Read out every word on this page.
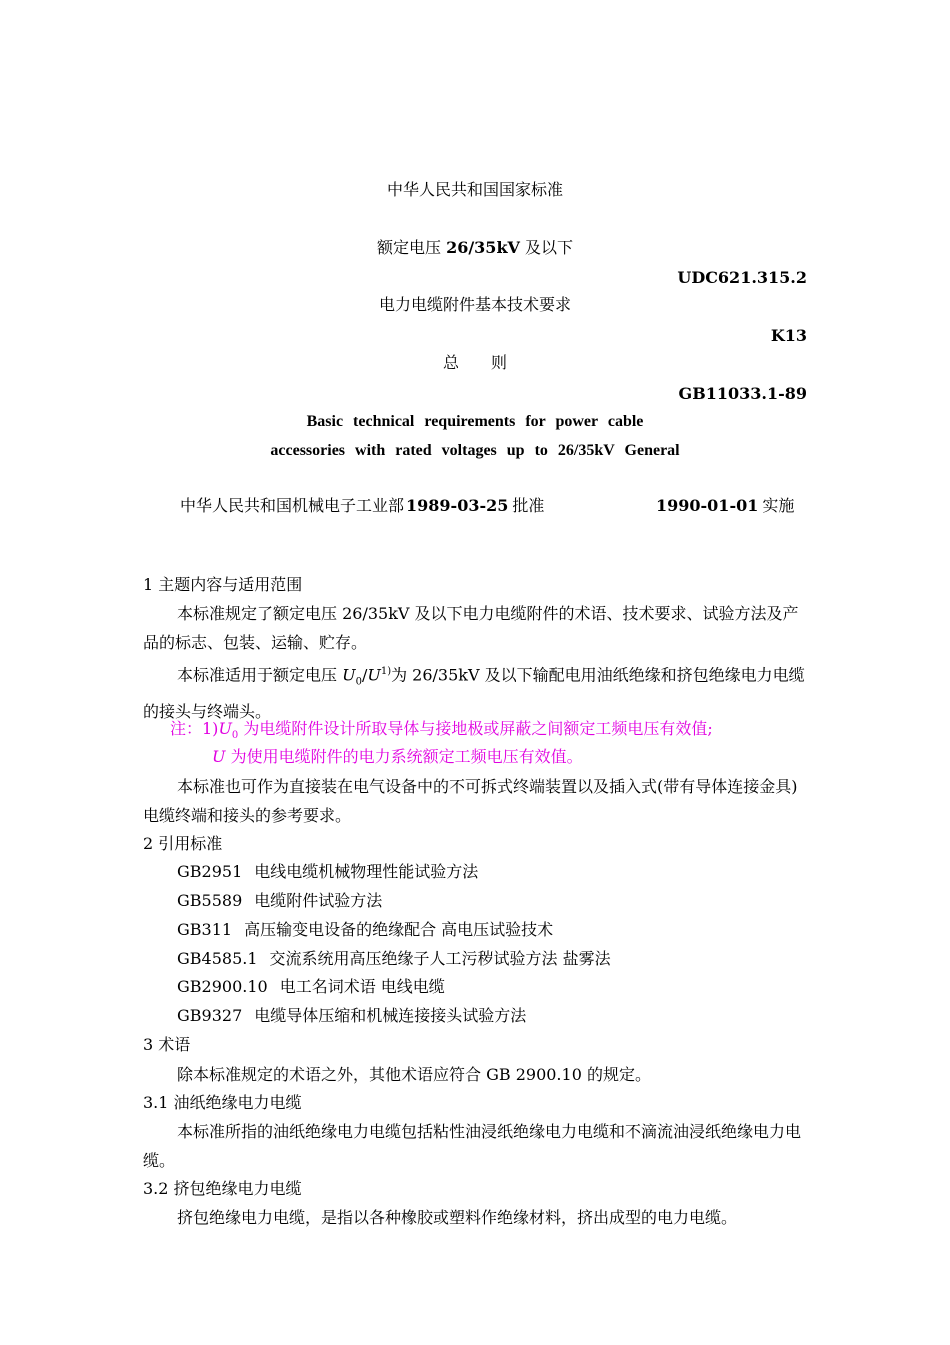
中华人民共和国国家标准
额定电压 26/35kV 及以下
UDC621.315.2
电力电缆附件基本技术要求
K13
总　　则
GB11033.1-89
Basic technical requirements for power cable
accessories with rated voltages up to 26/35kV General
中华人民共和国机械电子工业部 1989-03-25 批准	1990-01-01 实施
1 主题内容与适用范围
本标准规定了额定电压 26/35kV 及以下电力电缆附件的术语、技术要求、试验方法及产品的标志、包装、运输、贮存。
本标准适用于额定电压 $U_0/U^{1)}$为 26/35kV 及以下输配电用油纸绝缘和挤包绝缘电力电缆的接头与终端头。
注：$1)U_0$ 为电缆附件设计所取导体与接地极或屏蔽之间额定工频电压有效值;
U 为使用电缆附件的电力系统额定工频电压有效值。
本标准也可作为直接装在电气设备中的不可拆式终端装置以及插入式(带有导体连接金具)电缆终端和接头的参考要求。
2 引用标准
GB2951 电线电缆机械物理性能试验方法
GB5589 电缆附件试验方法
GB311 高压输变电设备的绝缘配合 高电压试验技术
GB4585.1 交流系统用高压绝缘子人工污秽试验方法 盐雾法
GB2900.10 电工名词术语 电线电缆
GB9327 电缆导体压缩和机械连接接头试验方法
3 术语
除本标准规定的术语之外，其他术语应符合 GB 2900.10 的规定。
3.1 油纸绝缘电力电缆
本标准所指的油纸绝缘电力电缆包括粘性油浸纸绝缘电力电缆和不滴流油浸纸绝缘电力电缆。
3.2 挤包绝缘电力电缆
挤包绝缘电力电缆，是指以各种橡胶或塑料作绝缘材料，挤出成型的电力电缆。
